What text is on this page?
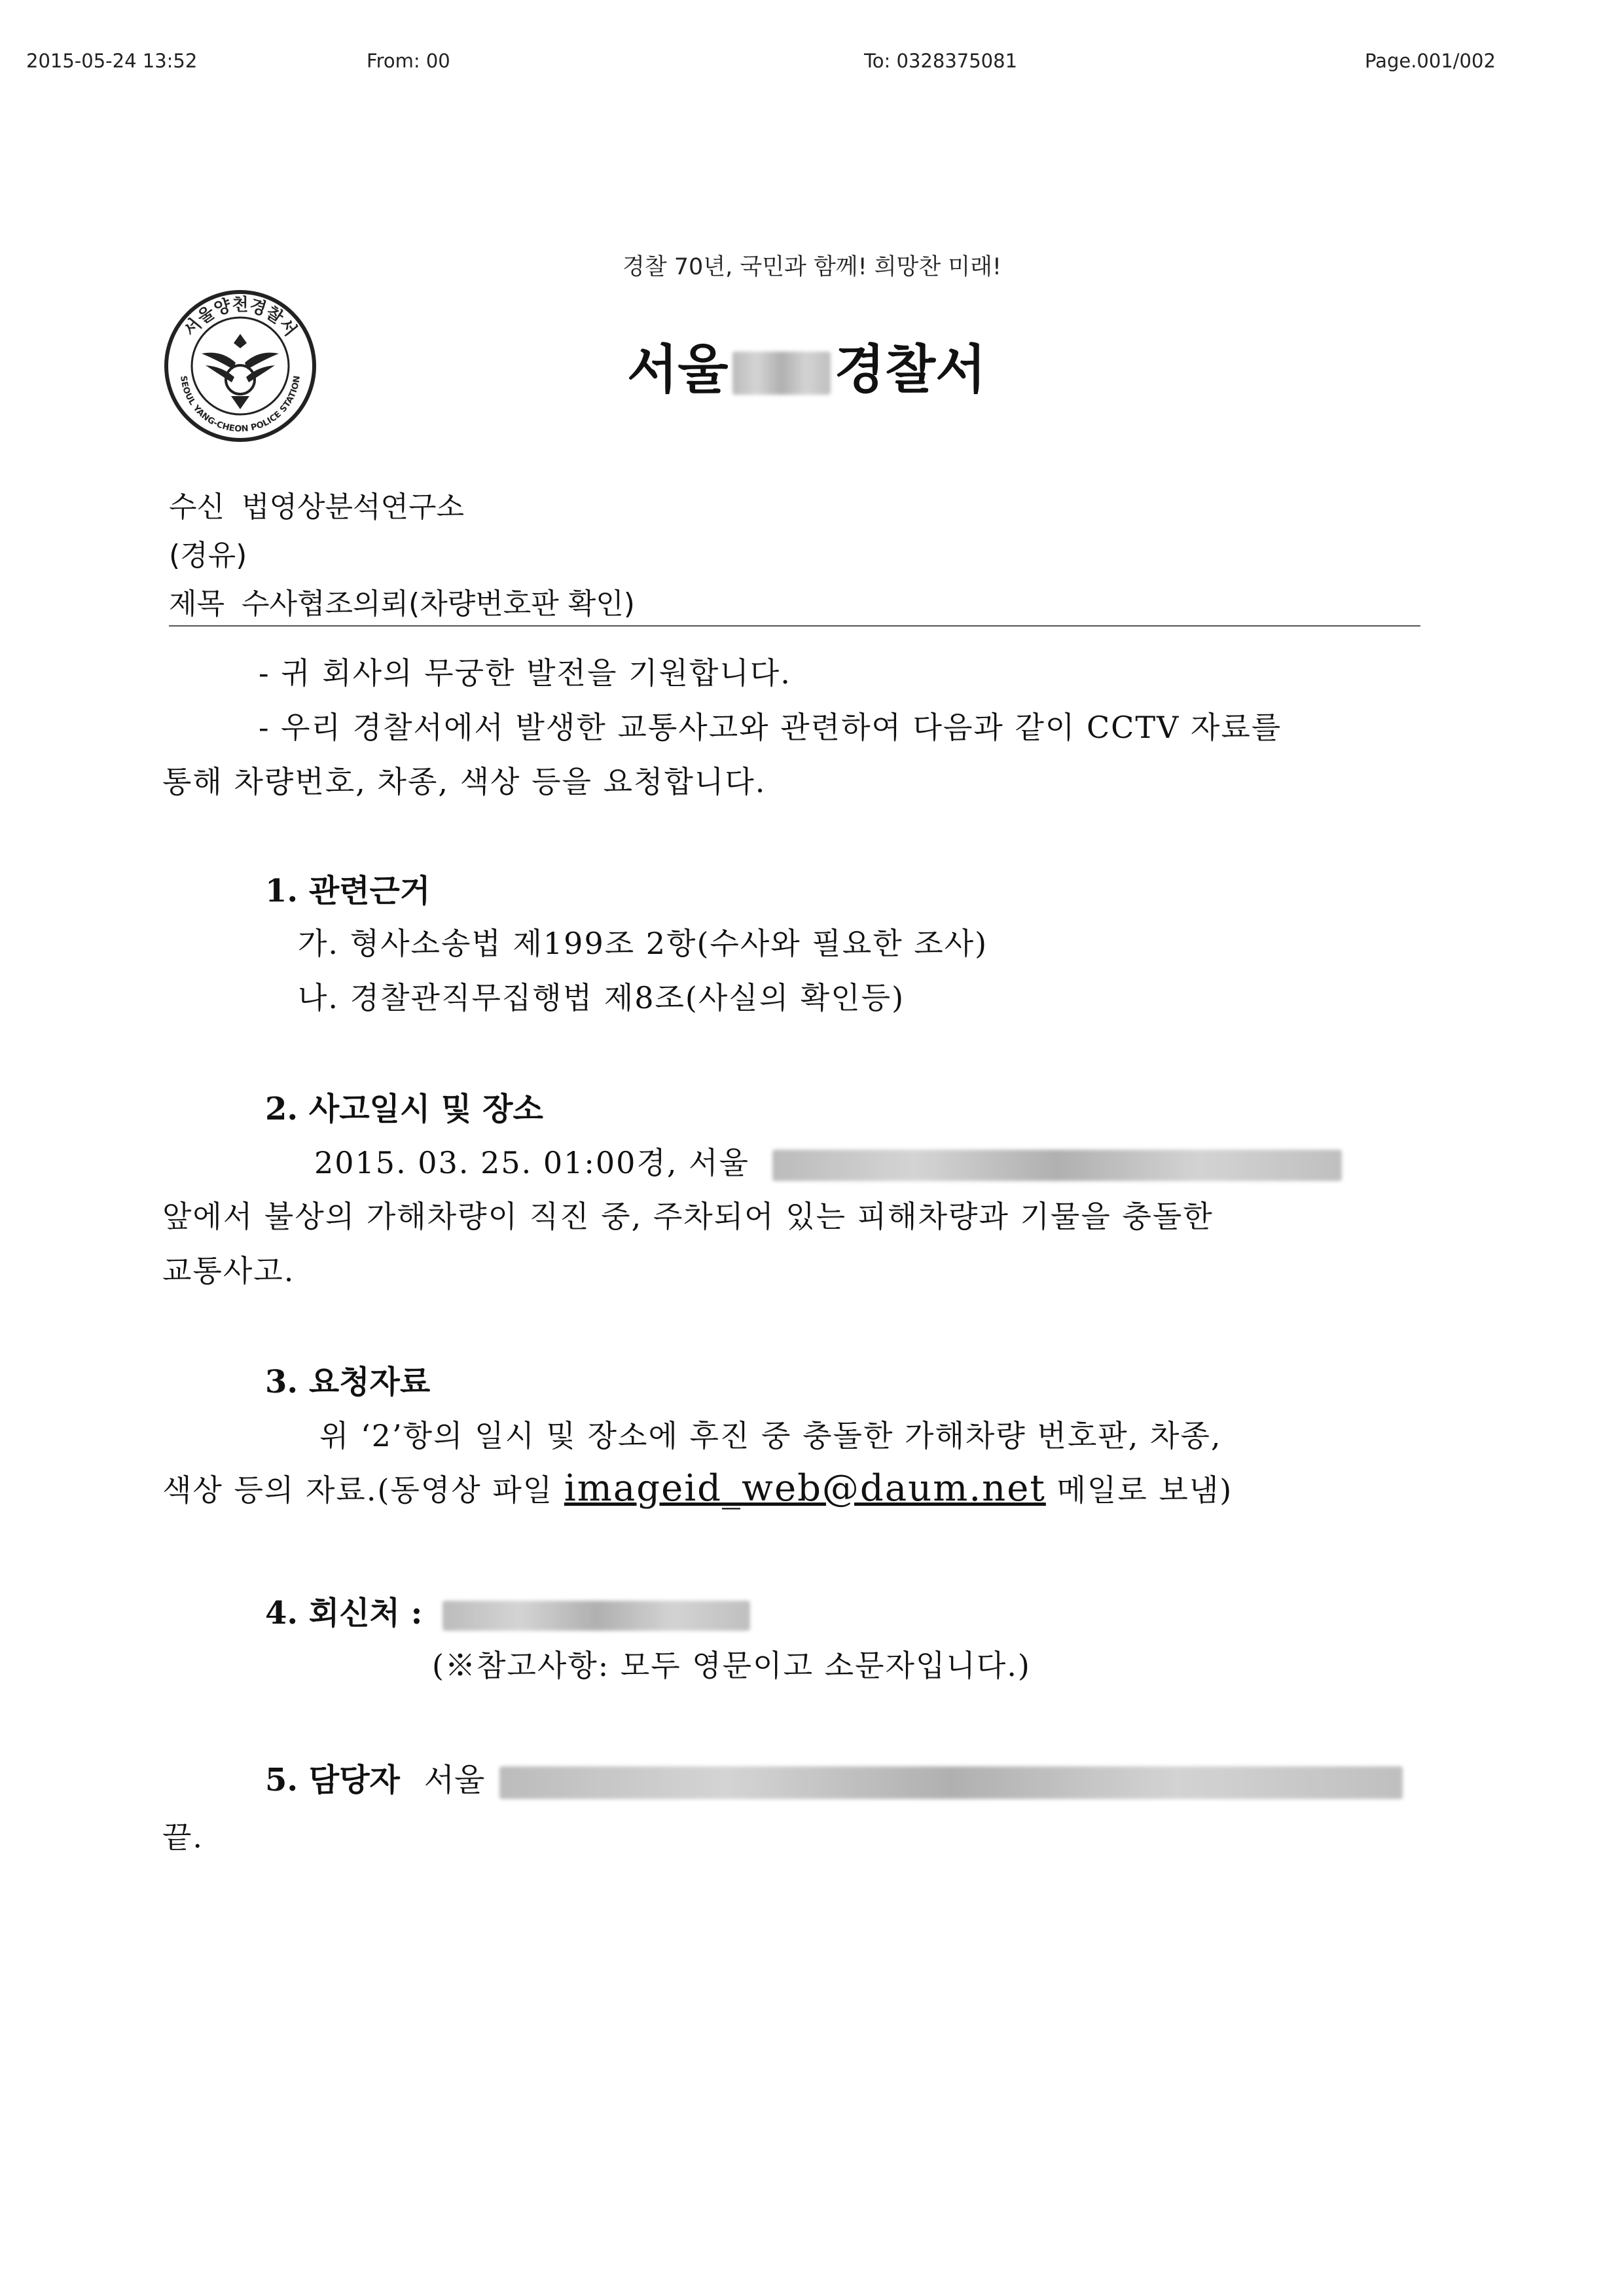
2015-05-24 13:52	From: 00	To: 0328375081	Page.001/002
경찰 70년, 국민과 함께! 희망찬 미래!
서울양천경찰서
SEOUL YANG-CHEON POLICE STATION	서울 경찰서
수신 법영상분석연구소
(경유)
제목 수사협조의뢰(차량번호판 확인)
- 귀 회사의 무궁한 발전을 기원합니다.
- 우리 경찰서에서 발생한 교통사고와 관련하여 다음과 같이 CCTV 자료를
통해 차량번호, 차종, 색상 등을 요청합니다.
1. 관련근거
가. 형사소송법 제199조 2항(수사와 필요한 조사)
나. 경찰관직무집행법 제8조(사실의 확인등)
2. 사고일시 및 장소
2015. 03. 25. 01:00경, 서울
앞에서 불상의 가해차량이 직진 중, 주차되어 있는 피해차량과 기물을 충돌한
교통사고.
3. 요청자료
위 ‘2’항의 일시 및 장소에 후진 중 충돌한 가해차량 번호판, 차종,
색상 등의 자료.(동영상 파일 imageid_web@daum.net 메일로 보냄)
4. 회신처 :
(※참고사항: 모두 영문이고 소문자입니다.)
5. 담당자 서울
끝.
